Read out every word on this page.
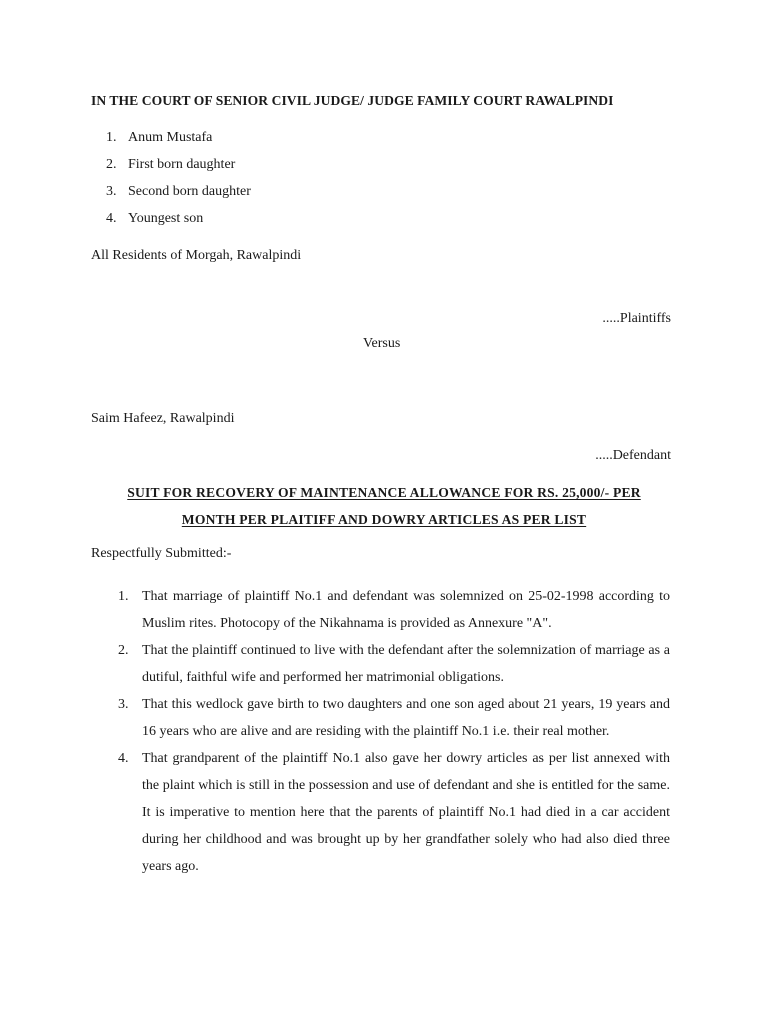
IN THE COURT OF SENIOR CIVIL JUDGE/ JUDGE FAMILY COURT RAWALPINDI
1. Anum Mustafa
2. First born daughter
3. Second born daughter
4. Youngest son
All Residents of Morgah, Rawalpindi
.....Plaintiffs
Versus
Saim Hafeez, Rawalpindi
.....Defendant
SUIT FOR RECOVERY OF MAINTENANCE ALLOWANCE FOR RS. 25,000/- PER
MONTH PER PLAITIFF AND DOWRY ARTICLES AS PER LIST
Respectfully Submitted:-
1. That marriage of plaintiff No.1 and defendant was solemnized on 25-02-1998 according to Muslim rites. Photocopy of the Nikahnama is provided as Annexure "A".
2. That the plaintiff continued to live with the defendant after the solemnization of marriage as a dutiful, faithful wife and performed her matrimonial obligations.
3. That this wedlock gave birth to two daughters and one son aged about 21 years, 19 years and 16 years who are alive and are residing with the plaintiff No.1 i.e. their real mother.
4. That grandparent of the plaintiff No.1 also gave her dowry articles as per list annexed with the plaint which is still in the possession and use of defendant and she is entitled for the same. It is imperative to mention here that the parents of plaintiff No.1 had died in a car accident during her childhood and was brought up by her grandfather solely who had also died three years ago.
